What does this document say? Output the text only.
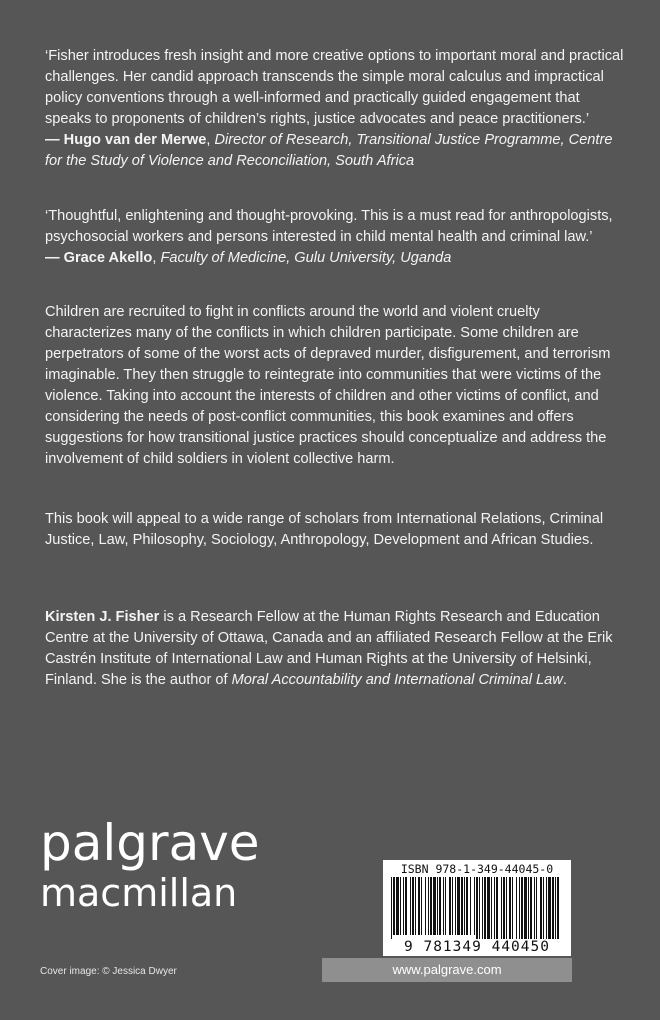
‘Fisher introduces fresh insight and more creative options to important moral and practical challenges. Her candid approach transcends the simple moral calculus and impractical policy conventions through a well-informed and practically guided engagement that speaks to proponents of children’s rights, justice advocates and peace practitioners.’
— Hugo van der Merwe, Director of Research, Transitional Justice Programme, Centre for the Study of Violence and Reconciliation, South Africa

‘Thoughtful, enlightening and thought-provoking. This is a must read for anthropologists, psychosocial workers and persons interested in child mental health and criminal law.’
— Grace Akello, Faculty of Medicine, Gulu University, Uganda

Children are recruited to fight in conflicts around the world and violent cruelty characterizes many of the conflicts in which children participate. Some children are perpetrators of some of the worst acts of depraved murder, disfigurement, and terrorism imaginable. They then struggle to reintegrate into communities that were victims of the violence. Taking into account the interests of children and other victims of conflict, and considering the needs of post-conflict communities, this book examines and offers suggestions for how transitional justice practices should conceptualize and address the involvement of child soldiers in violent collective harm.

This book will appeal to a wide range of scholars from International Relations, Criminal Justice, Law, Philosophy, Sociology, Anthropology, Development and African Studies.

Kirsten J. Fisher is a Research Fellow at the Human Rights Research and Education Centre at the University of Ottawa, Canada and an affiliated Research Fellow at the Erik Castrén Institute of International Law and Human Rights at the University of Helsinki, Finland. She is the author of Moral Accountability and International Criminal Law.

palgrave
macmillan
Cover image: © Jessica Dwyer
ISBN 978-1-349-44045-0
9 781349 440450
www.palgrave.com
